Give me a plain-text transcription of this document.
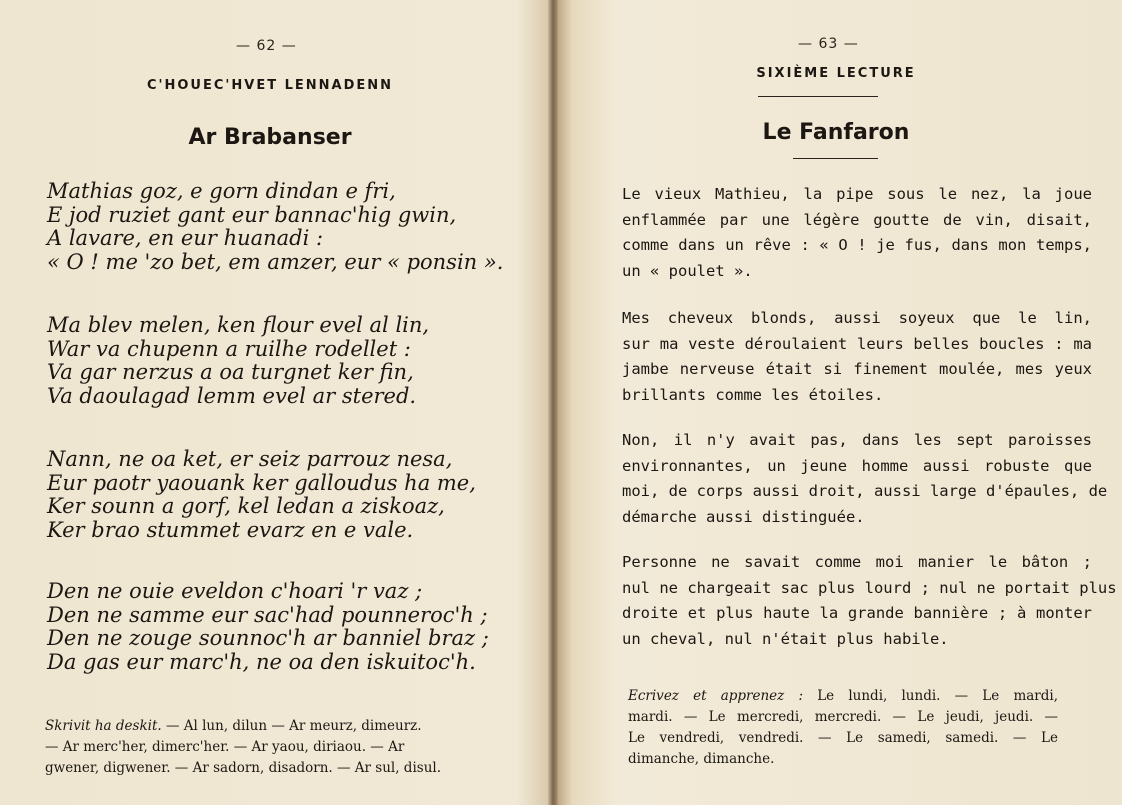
— 62 —
C'HOUEC'HVET LENNADENN
Ar Brabanser
Mathias goz, e gorn dindan e fri,
E jod ruziet gant eur bannac'hig gwin,
A lavare, en eur huanadi :
« O ! me 'zo bet, em amzer, eur « ponsin ».
Ma blev melen, ken flour evel al lin,
War va chupenn a ruilhe rodellet :
Va gar nerzus a oa turgnet ker fin,
Va daoulagad lemm evel ar stered.
Nann, ne oa ket, er seiz parrouz nesa,
Eur paotr yaouank ker galloudus ha me,
Ker sounn a gorf, kel ledan a ziskoaz,
Ker brao stummet evarz en e vale.
Den ne ouie eveldon c'hoari 'r vaz ;
Den ne samme eur sac'had pounneroc'h ;
Den ne zouge sounnoc'h ar banniel braz ;
Da gas eur marc'h, ne oa den iskuitoc'h.
Skrivit ha deskit. — Al lun, dilun — Ar meurz, dimeurz.
— Ar merc'her, dimerc'her. — Ar yaou, diriaou. — Ar
gwener, digwener. — Ar sadorn, disadorn. — Ar sul, disul.
— 63 —
SIXIÈME LECTURE
Le Fanfaron
Le vieux Mathieu, la pipe sous le nez, la joue
enflammée par une légère goutte de vin, disait,
comme dans un rêve : « O ! je fus, dans mon temps,
un « poulet ».
Mes cheveux blonds, aussi soyeux que le lin,
sur ma veste déroulaient leurs belles boucles : ma
jambe nerveuse était si finement moulée, mes yeux
brillants comme les étoiles.
Non, il n'y avait pas, dans les sept paroisses
environnantes, un jeune homme aussi robuste que
moi, de corps aussi droit, aussi large d'épaules, de
démarche aussi distinguée.
Personne ne savait comme moi manier le bâton ;
nul ne chargeait sac plus lourd ; nul ne portait plus
droite et plus haute la grande bannière ; à monter
un cheval, nul n'était plus habile.
Ecrivez et apprenez : Le lundi, lundi. — Le mardi,
mardi. — Le mercredi, mercredi. — Le jeudi, jeudi. —
Le vendredi, vendredi. — Le samedi, samedi. — Le
dimanche, dimanche.
